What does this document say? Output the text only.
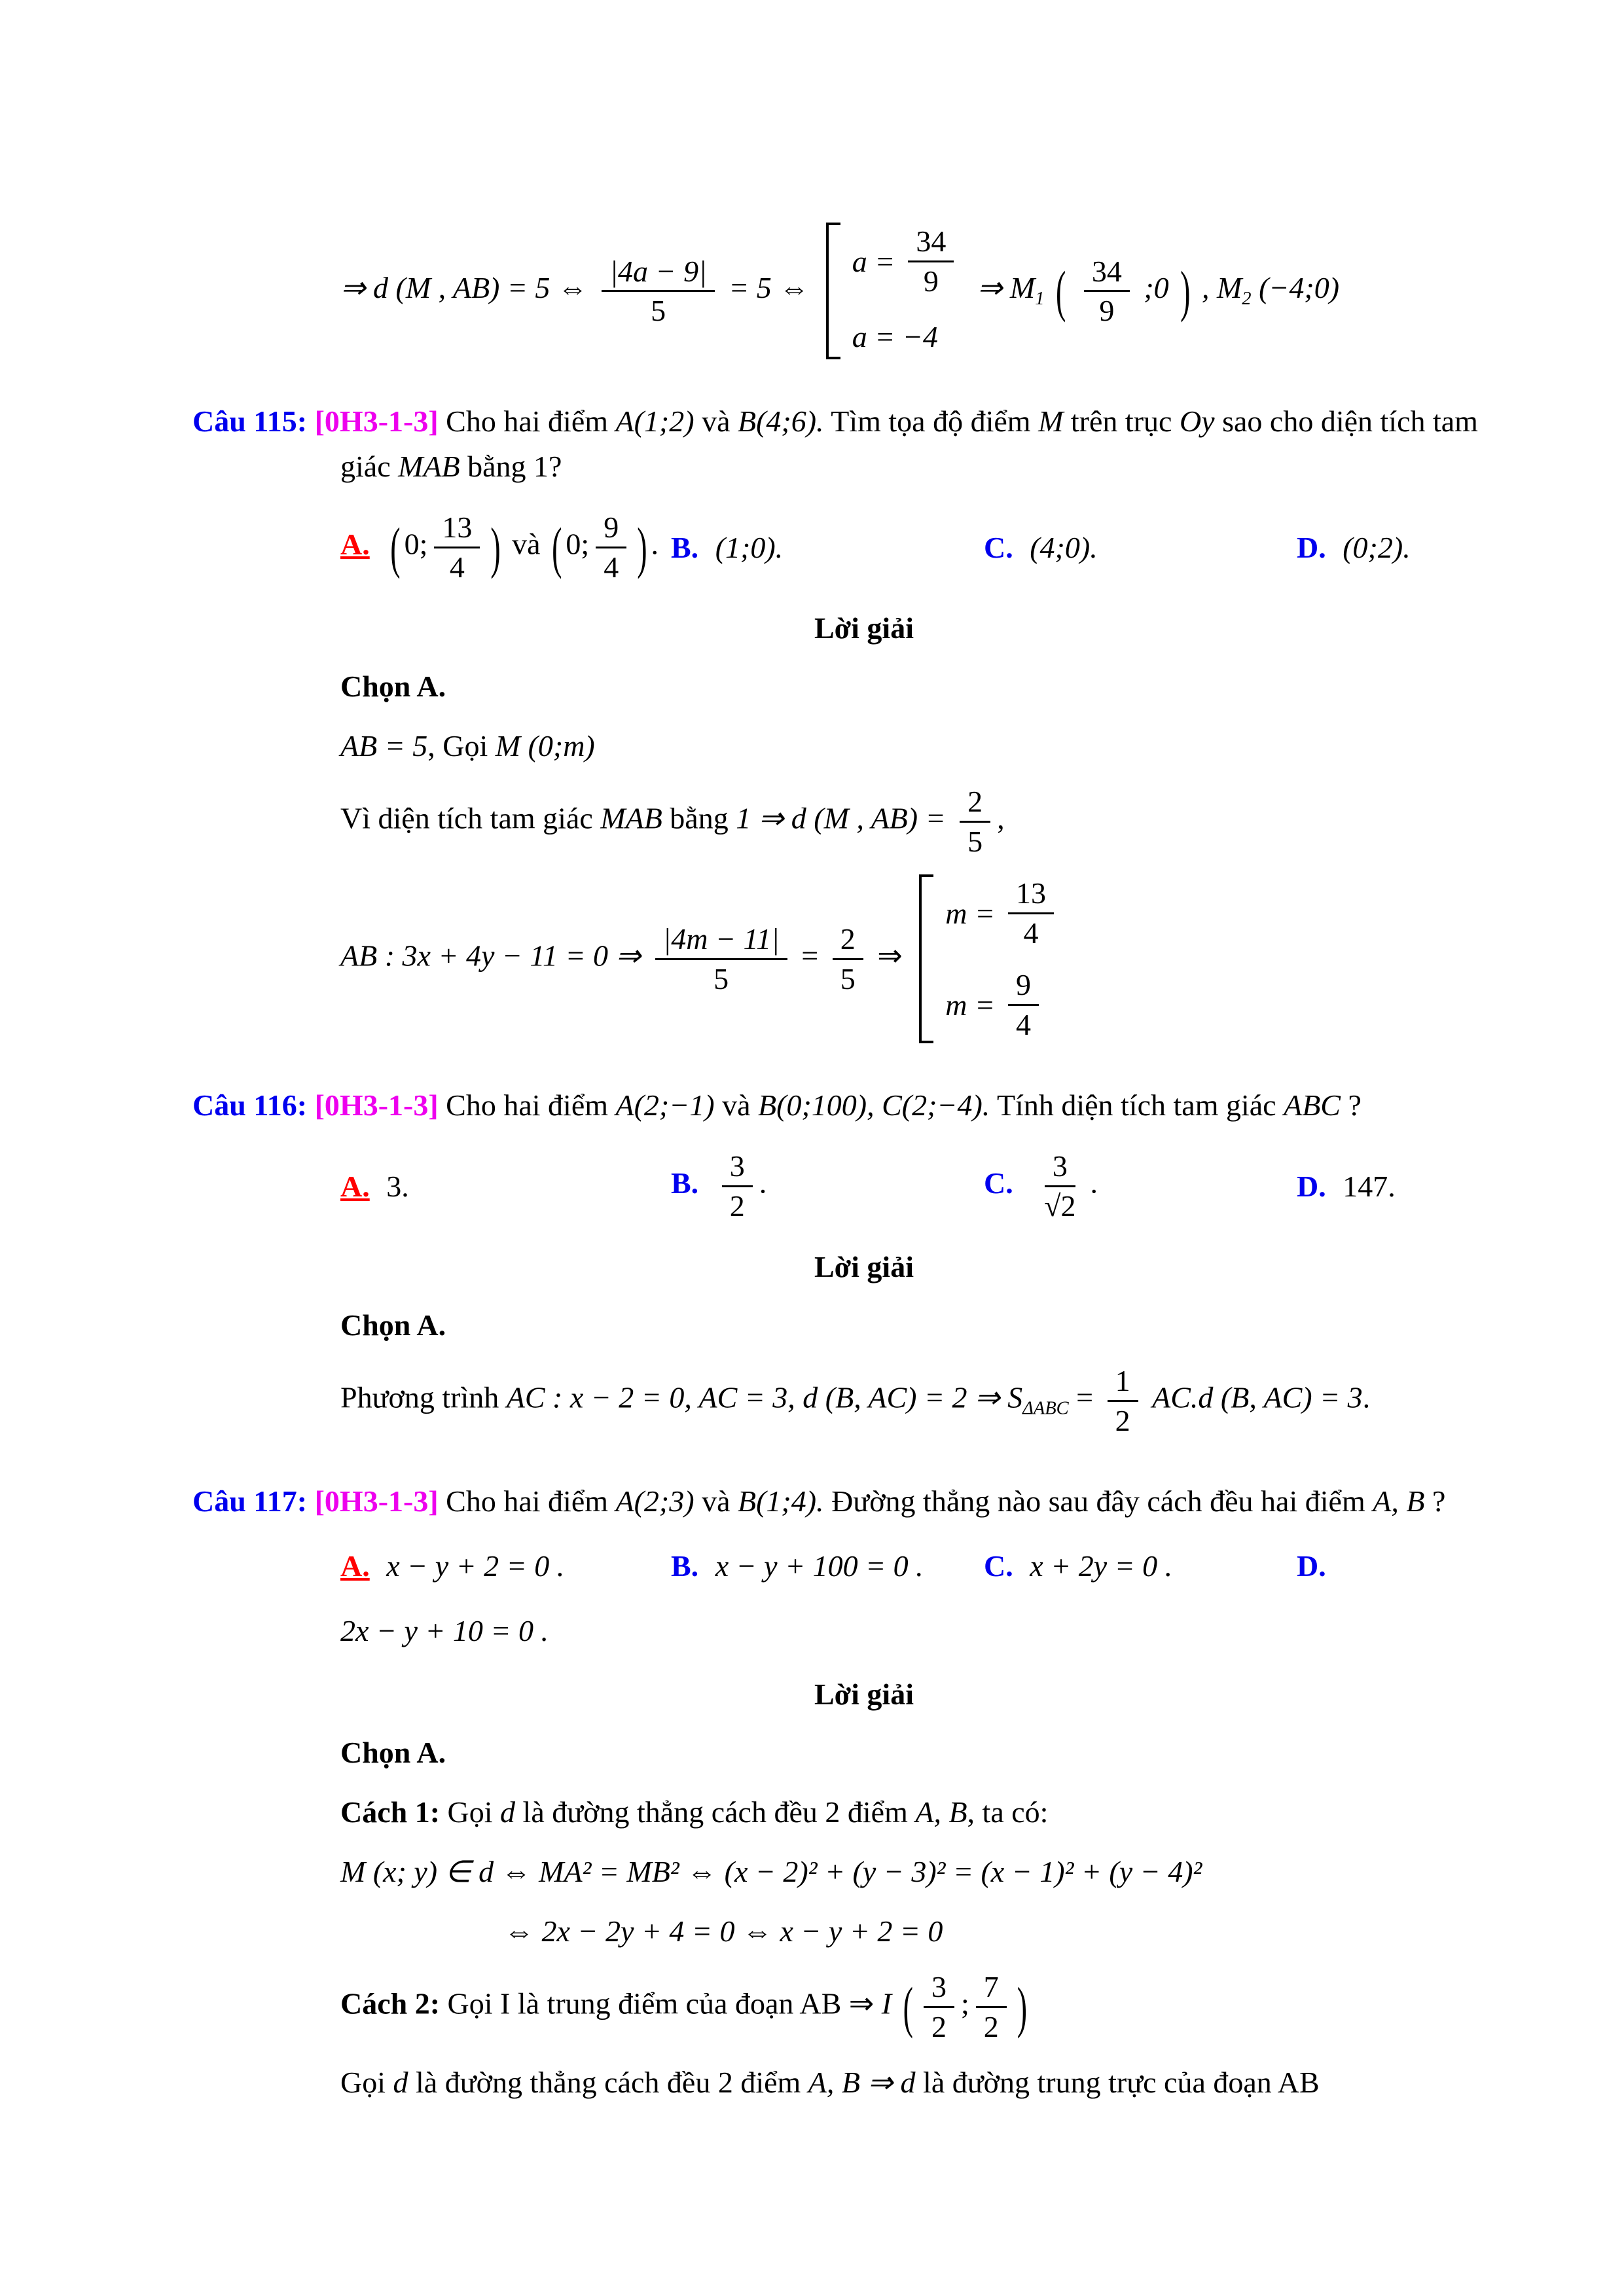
⇒ d (M , AB) = 5 ⇔ $\frac{|4a - 9|}{5} = 5$ ⇔
$a = \frac{34}{9}$
a = −4
⇒ $M_1$ ( $\frac{34}{9}$ ;0 ) , $M_2$ (−4;0)
Câu 115: [0H3-1-3] Cho hai điểm A(1;2) và B(4;6). Tìm tọa độ điểm M trên trục Oy sao cho diện tích tam giác MAB bằng 1?
A. ( 0; $\frac{13}{4}$ ) và ( 0; $\frac{9}{4}$ ) . B. (1;0).	C. (4;0).	D. (0;2).
Lời giải
Chọn A.
AB = 5, Gọi M (0;m)
Vì diện tích tam giác MAB bằng 1 ⇒ d (M , $AB) = \frac{2}{5}$ ,
AB : 3x + 4y − 11 = 0 ⇒ $\frac{|4m - 11|}{5} = \frac{2}{5}$ ⇒
$m = \frac{13}{4}$
$m = \frac{9}{4}$
Câu 116: [0H3-1-3] Cho hai điểm A(2;−1) và B(0;100), C(2;−4). Tính diện tích tam giác ABC ?
A. 3.	B. $\frac{3}{2}$ .	C. $\frac{3}{√2}$ .	D. 147.
Lời giải
Chọn A.
Phương trình AC : x − 2 = 0, AC = 3, d (B, AC) = 2 ⇒ $S_{\Delta ABC} = \frac{1}{2} AC.d$ (B, AC) = 3.
Câu 117: [0H3-1-3] Cho hai điểm A(2;3) và B(1;4). Đường thẳng nào sau đây cách đều hai điểm A, B ?
A. x − y + 2 = 0 .	B. x − y + 100 = 0 .	C. x + 2y = 0 .	D.
2x − y + 10 = 0 .
Lời giải
Chọn A.
Cách 1: Gọi d là đường thẳng cách đều 2 điểm A, B, ta có:
M (x; y) ∈ d ⇔ MA² = MB² ⇔ (x − 2)² + (y − 3)² = (x − 1)² + (y − 4)²
⇔ 2x − 2y + 4 = 0 ⇔ x − y + 2 = 0
Cách 2: Gọi I là trung điểm của đoạn AB ⇒ I ( $\frac{3}{2}$ ; $\frac{7}{2}$ )
Gọi d là đường thẳng cách đều 2 điểm A, B ⇒ d là đường trung trực của đoạn AB
